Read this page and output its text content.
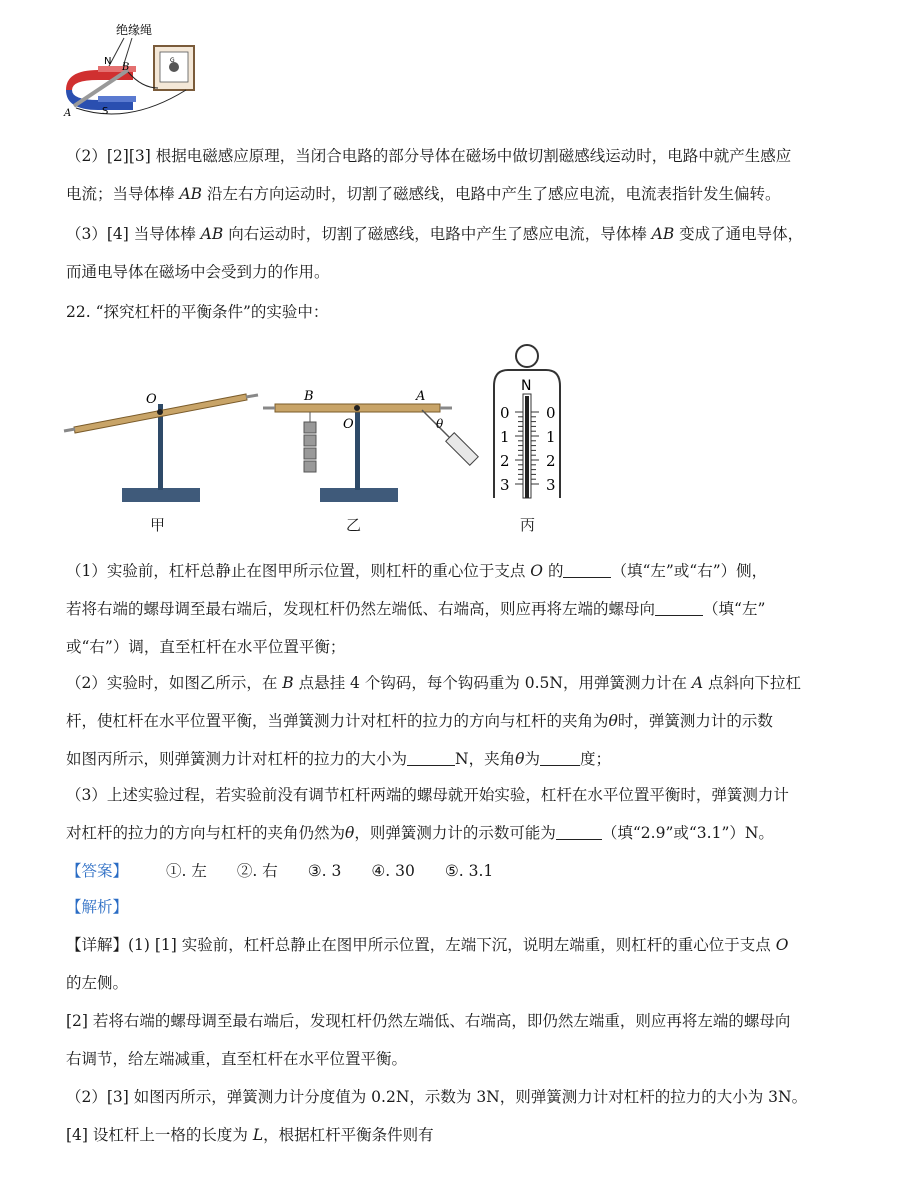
绝缘绳
N
S
A
B
G

（2）[2][3] 根据电磁感应原理，当闭合电路的部分导体在磁场中做切割磁感线运动时，电路中就产生感应
电流；当导体棒 AB 沿左右方向运动时，切割了磁感线，电路中产生了感应电流，电流表指针发生偏转。

（3）[4] 当导体棒 AB 向右运动时，切割了磁感线，电路中产生了感应电流，导体棒 AB 变成了通电导体，
而通电导体在磁场中会受到力的作用。

22. “探究杠杆的平衡条件”的实验中：

O
O
B	A
θ
N
0
1
2
3
0
1
2
3
甲	乙	丙

（1）实验前，杠杆总静止在图甲所示位置，则杠杆的重心位于支点 O 的	（填“左”或“右”）侧，
若将右端的螺母调至最右端后，发现杠杆仍然左端低、右端高，则应再将左端的螺母向	（填“左”
或“右”）调，直至杠杆在水平位置平衡；

（2）实验时，如图乙所示，在 B 点悬挂 4 个钩码，每个钩码重为 0.5N，用弹簧测力计在 A 点斜向下拉杠
杆，使杠杆在水平位置平衡，当弹簧测力计对杠杆的拉力的方向与杠杆的夹角为θ时，弹簧测力计的示数
如图丙所示，则弹簧测力计对杠杆的拉力的大小为	N，夹角θ为	度；

（3）上述实验过程，若实验前没有调节杠杆两端的螺母就开始实验，杠杆在水平位置平衡时，弹簧测力计
对杠杆的拉力的方向与杠杆的夹角仍然为θ，则弹簧测力计的示数可能为	（填“2.9”或“3.1”）N。

【答案】 ①. 左 ②. 右 ③. 3 ④. 30 ⑤. 3.1

【解析】

【详解】(1) [1] 实验前，杠杆总静止在图甲所示位置，左端下沉，说明左端重，则杠杆的重心位于支点 O
的左侧。
[2] 若将右端的螺母调至最右端后，发现杠杆仍然左端低、右端高，即仍然左端重，则应再将左端的螺母向
右调节，给左端减重，直至杠杆在水平位置平衡。
（2）[3] 如图丙所示，弹簧测力计分度值为 0.2N，示数为 3N，则弹簧测力计对杠杆的拉力的大小为 3N。
[4] 设杠杆上一格的长度为 L，根据杠杆平衡条件则有
